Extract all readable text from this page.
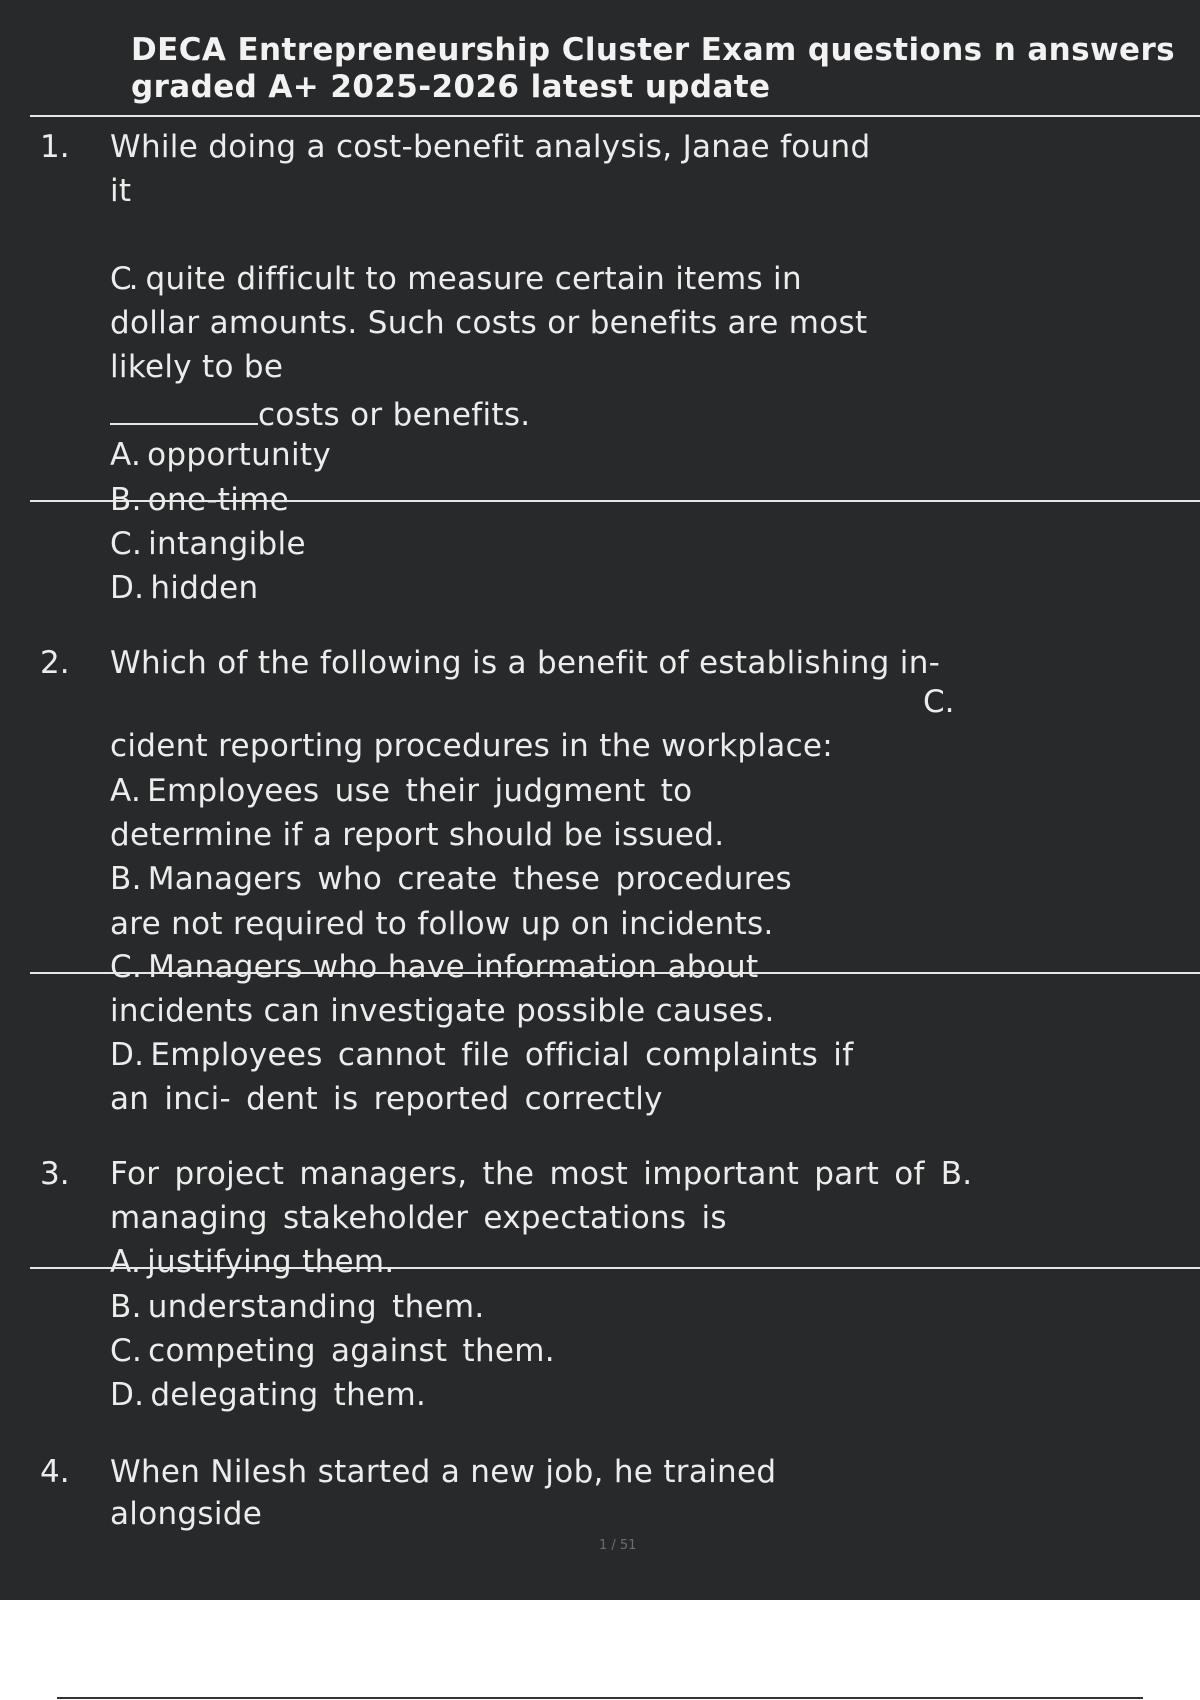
DECA Entrepreneurship Cluster Exam questions n answers
graded A+ 2025-2026 latest update
1. While doing a cost-benefit analysis, Janae found
it
C. quite difficult to measure certain items in
dollar amounts. Such costs or benefits are most
likely to be
costs or benefits.
A. opportunity
B. one-time
C. intangible
D. hidden
2. Which of the following is a benefit of establishing in-
C.
cident reporting procedures in the workplace:
A. Employees use their judgment to
determine if a report should be issued.
B. Managers who create these procedures
are not required to follow up on incidents.
C. Managers who have information about
incidents can investigate possible causes.
D. Employees cannot file official complaints if
an inci- dent is reported correctly
3. For project managers, the most important part of B.
managing stakeholder expectations is
A. justifying them.
B. understanding them.
C. competing against them.
D. delegating them.
4. When Nilesh started a new job, he trained
alongside
1 / 51
